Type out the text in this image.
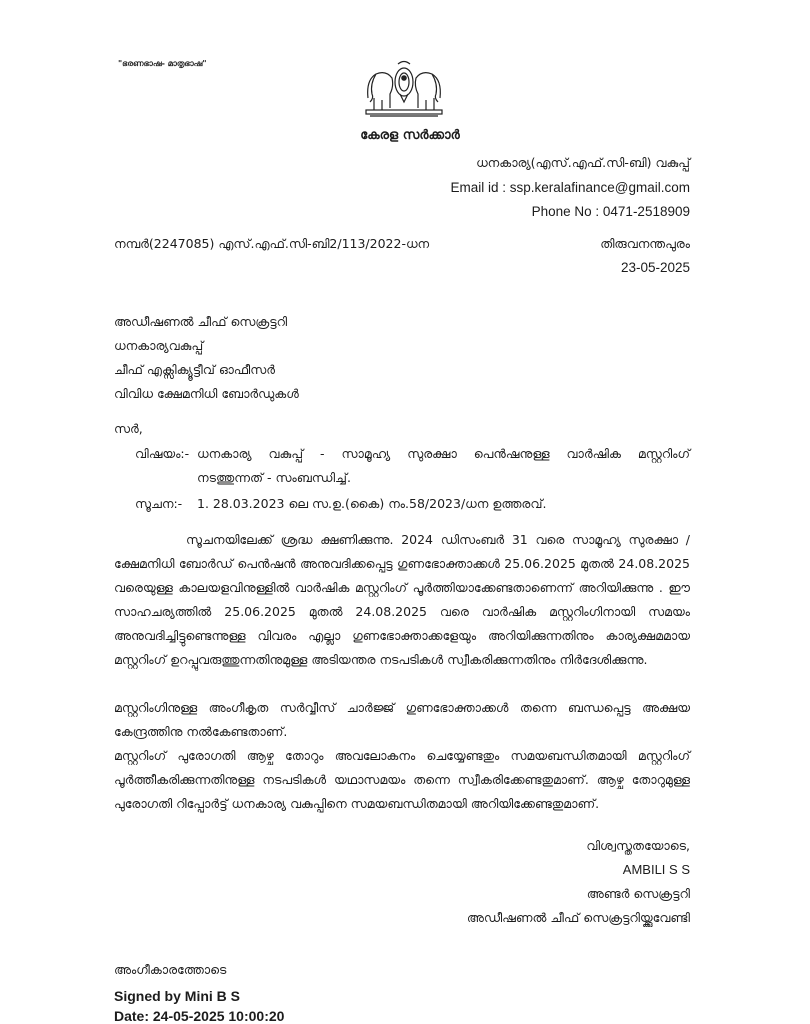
"ഭരണഭാഷ- മാതൃഭാഷ"
കേരള സർക്കാർ
ധനകാര്യ(എസ്.എഫ്.സി-ബി) വകുപ്പ്
Email id : ssp.keralafinance@gmail.com
Phone No : 0471-2518909
നമ്പർ(2247085) എസ്.എഫ്.സി-ബി2/113/2022-ധന	തിരുവനന്തപുരം
23-05-2025
അഡീഷണൽ ചീഫ് സെക്രട്ടറി
ധനകാര്യവകുപ്പ്
ചീഫ് എക്സിക്യൂട്ടീവ് ഓഫീസർ
വിവിധ ക്ഷേമനിധി ബോർഡുകൾ
സർ,
വിഷയം:- ധനകാര്യ വകുപ്പ് - സാമൂഹ്യ സുരക്ഷാ പെൻഷനുള്ള വാർഷിക മസ്റ്ററിംഗ്
നടത്തുന്നത് - സംബന്ധിച്ച്.
സൂചന:- 1. 28.03.2023 ലെ സ.ഉ.(കൈ) നം.58/2023/ധന ഉത്തരവ്.
സൂചനയിലേക്ക് ശ്രദ്ധ ക്ഷണിക്കുന്നു. 2024 ഡിസംബർ 31 വരെ സാമൂഹ്യ സുരക്ഷാ / ക്ഷേമനിധി ബോർഡ് പെൻഷൻ അനുവദിക്കപ്പെട്ട ഗുണഭോക്താക്കൾ 25.06.2025 മുതൽ 24.08.2025 വരെയുള്ള കാലയളവിനുള്ളിൽ വാർഷിക മസ്റ്ററിംഗ് പൂർത്തിയാക്കേണ്ടതാണെന്ന് അറിയിക്കുന്നു . ഈ സാഹചര്യത്തിൽ 25.06.2025 മുതൽ 24.08.2025 വരെ വാർഷിക മസ്റ്ററിംഗിനായി സമയം അനുവദിച്ചിട്ടുണ്ടെന്നുള്ള വിവരം എല്ലാ ഗുണഭോക്താക്കളേയും അറിയിക്കുന്നതിനും കാര്യക്ഷമമായ മസ്റ്ററിംഗ് ഉറപ്പുവരുത്തുന്നതിനുമുള്ള അടിയന്തര നടപടികൾ സ്വീകരിക്കുന്നതിനും നിർദേശിക്കുന്നു.
മസ്റ്ററിംഗിനുള്ള അംഗീകൃത സർവ്വീസ് ചാർജ്ജ് ഗുണഭോക്താക്കൾ തന്നെ ബന്ധപ്പെട്ട അക്ഷയ കേന്ദ്രത്തിനു നൽകേണ്ടതാണ്.
മസ്റ്ററിംഗ് പുരോഗതി ആഴ്ച തോറും അവലോകനം ചെയ്യേണ്ടതും സമയബന്ധിതമായി മസ്റ്ററിംഗ് പൂർത്തീകരിക്കുന്നതിനുള്ള നടപടികൾ യഥാസമയം തന്നെ സ്വീകരിക്കേണ്ടതുമാണ്. ആഴ്ച തോറുമുള്ള പുരോഗതി റിപ്പോർട്ട് ധനകാര്യ വകുപ്പിനെ സമയബന്ധിതമായി അറിയിക്കേണ്ടതുമാണ്.
വിശ്വസ്തതയോടെ,
AMBILI S S
അണ്ടർ സെക്രട്ടറി
അഡീഷണൽ ചീഫ് സെക്രട്ടറിയ്ക്കുവേണ്ടി
അംഗീകാരത്തോടെ
Signed by Mini B S
Date: 24-05-2025 10:00:20
